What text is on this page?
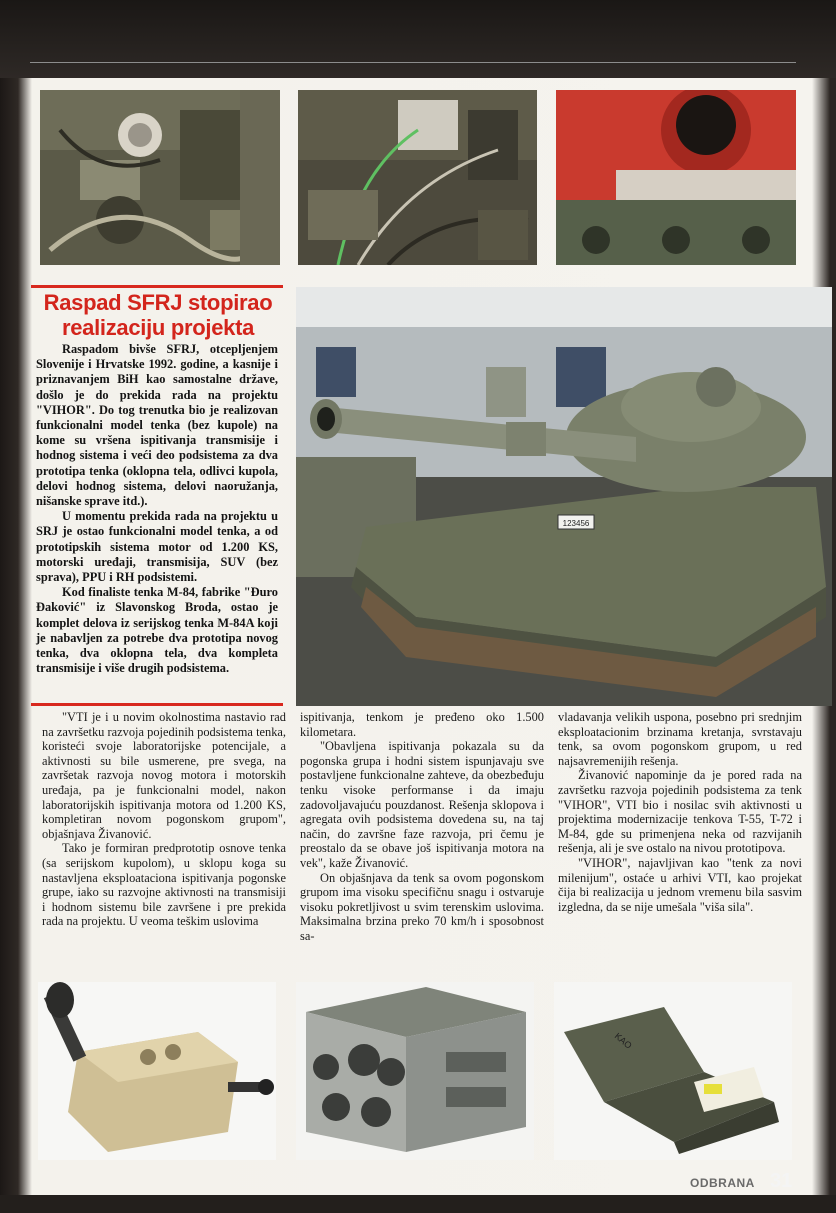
Raspad SFRJ stopirao
realizaciju projekta

Raspadom bivše SFRJ, otcepljenjem Slovenije i Hrvatske 1992. godine, a kasnije i priznavanjem BiH kao samostalne države, došlo je do prekida rada na projektu "VIHOR". Do tog trenutka bio je realizovan funkcionalni model tenka (bez kupole) na kome su vršena ispitivanja transmisije i hodnog sistema i veći deo podsistema za dva prototipa tenka (oklopna tela, odlivci kupola, delovi hodnog sistema, delovi naoružanja, nišanske sprave itd.).

U momentu prekida rada na projektu u SRJ je ostao funkcionalni model tenka, a od prototipskih sistema motor od 1.200 KS, motorski uređaji, transmisija, SUV (bez sprava), PPU i RH podsistemi.

Kod finaliste tenka M-84, fabrike "Đuro Đaković" iz Slavonskog Broda, ostao je komplet delova iz serijskog tenka M-84A koji je nabavljen za potrebe dva prototipa novog tenka, dva oklopna tela, dva kompleta transmisije i više drugih podsistema.

123456

"VTI je i u novim okolnostima nastavio rad na završetku razvoja pojedinih podsistema tenka, koristeći svoje laboratorijske potencijale, a aktivnosti su bile usmerene, pre svega, na završetak razvoja novog motora i motorskih uređaja, pa je funkcionalni model, nakon laboratorijskih ispitivanja motora od 1.200 KS, kompletiran novom pogonskom grupom", objašnjava Živanović.

Tako je formiran predprototip osnove tenka (sa serijskom kupolom), u sklopu koga su nastavljena eksploataciona ispitivanja pogonske grupe, iako su razvojne aktivnosti na transmisiji i hodnom sistemu bile završene i pre prekida rada na projektu. U veoma teškim uslovima

ispitivanja, tenkom je pređeno oko 1.500 kilometara.

"Obavljena ispitivanja pokazala su da pogonska grupa i hodni sistem ispunjavaju sve postavljene funkcionalne zahteve, da obezbeđuju tenku visoke performanse i da imaju zadovoljavajuću pouzdanost. Rešenja sklopova i agregata ovih podsistema dovedena su, na taj način, do završne faze razvoja, pri čemu je preostalo da se obave još ispitivanja motora na vek", kaže Živanović.

On objašnjava da tenk sa ovom pogonskom grupom ima visoku specifičnu snagu i ostvaruje visoku pokretljivost u svim terenskim uslovima. Maksimalna brzina preko 70 km/h i sposobnost sa-

vladavanja velikih uspona, posebno pri srednjim eksploatacionim brzinama kretanja, svrstavaju tenk, sa ovom pogonskom grupom, u red najsavremenijih rešenja.

Živanović napominje da je pored rada na završetku razvoja pojedinih podsistema za tenk "VIHOR", VTI bio i nosilac svih aktivnosti u projektima modernizacije tenkova T-55, T-72 i M-84, gde su primenjena neka od razvijanih rešenja, ali je sve ostalo na nivou prototipova.

"VIHOR", najavljivan kao "tenk za novi milenijum", ostaće u arhivi VTI, kao projekat čija bi realizacija u jednom vremenu bila sasvim izgledna, da se nije umešala "viša sila".

KAO
ODBRANA 31
